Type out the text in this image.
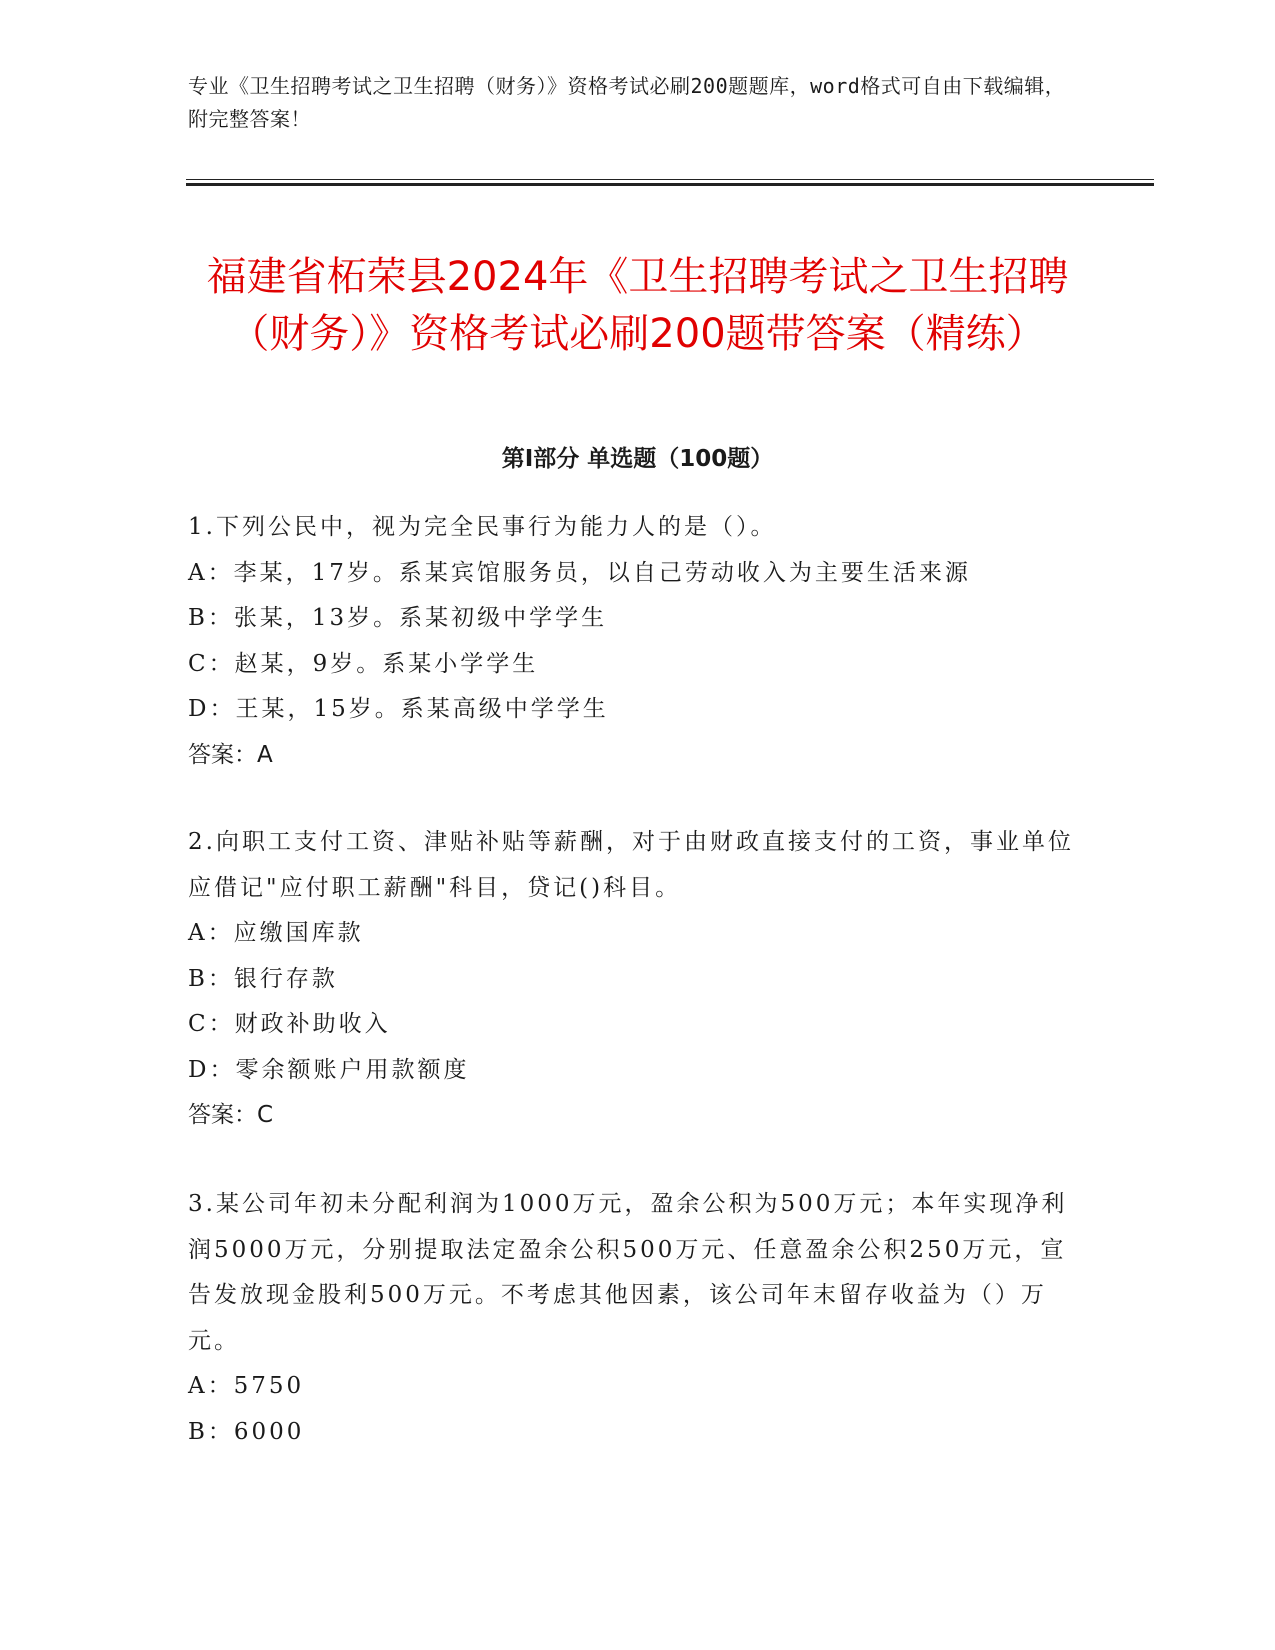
专业《卫生招聘考试之卫生招聘（财务）》资格考试必刷200题题库，word格式可自由下载编辑，附完整答案！
福建省柘荣县2024年《卫生招聘考试之卫生招聘（财务）》资格考试必刷200题带答案（精练）
第Ⅰ部分 单选题（100题）

1.下列公民中，视为完全民事行为能力人的是（）。

A：李某，17岁。系某宾馆服务员，以自己劳动收入为主要生活来源

B：张某，13岁。系某初级中学学生

C：赵某，9岁。系某小学学生

D：王某，15岁。系某高级中学学生

答案：A

2.向职工支付工资、津贴补贴等薪酬，对于由财政直接支付的工资，事业单位应借记"应付职工薪酬"科目，贷记()科目。

A：应缴国库款

B：银行存款

C：财政补助收入

D：零余额账户用款额度

答案：C

3.某公司年初未分配利润为1000万元，盈余公积为500万元；本年实现净利润5000万元，分别提取法定盈余公积500万元、任意盈余公积250万元，宣告发放现金股利500万元。不考虑其他因素，该公司年末留存收益为（）万元。

A：5750

B：6000
